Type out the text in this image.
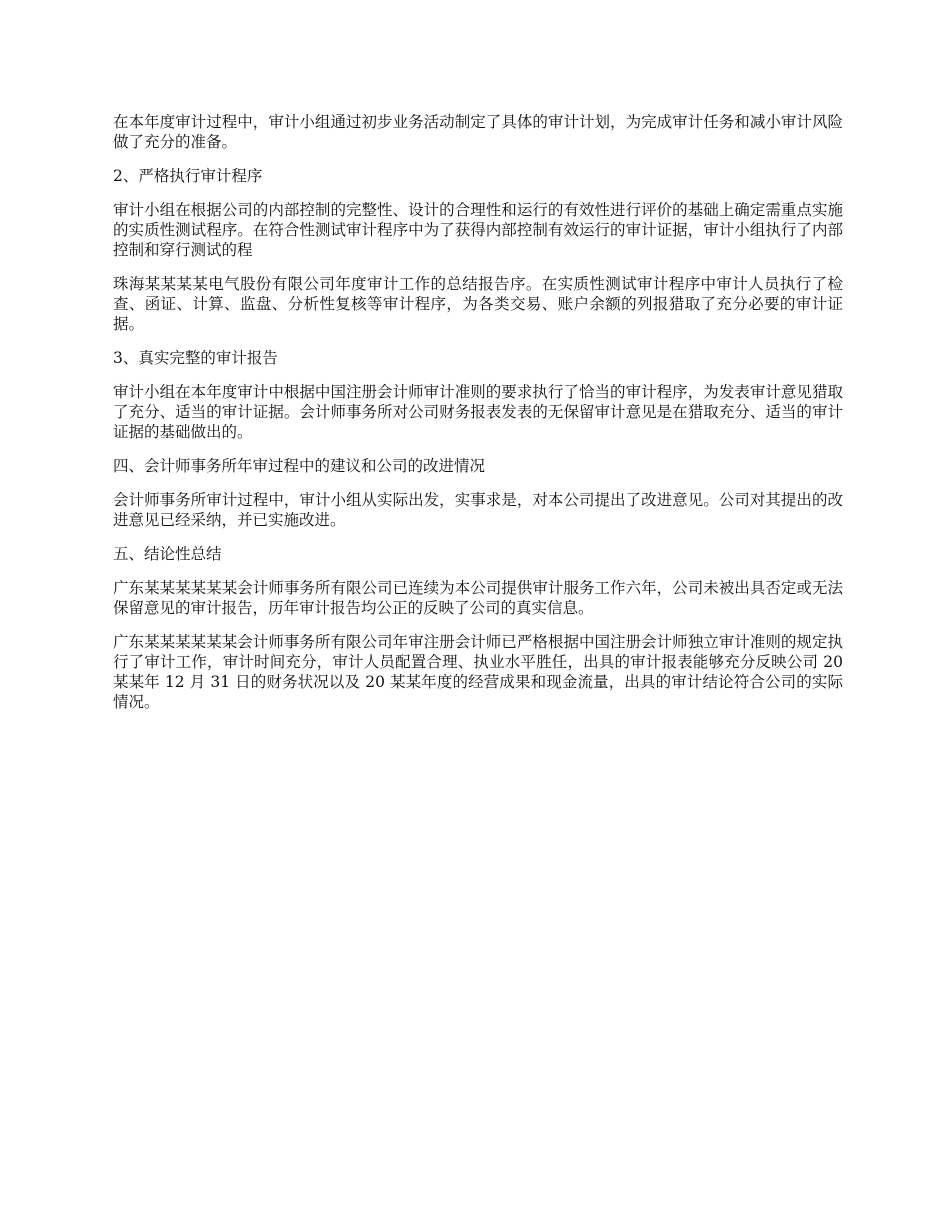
在本年度审计过程中，审计小组通过初步业务活动制定了具体的审计计划，为完成审计任务和减小审计风险做了充分的准备。

2、严格执行审计程序

审计小组在根据公司的内部控制的完整性、设计的合理性和运行的有效性进行评价的基础上确定需重点实施的实质性测试程序。在符合性测试审计程序中为了获得内部控制有效运行的审计证据，审计小组执行了内部控制和穿行测试的程

珠海某某某某电气股份有限公司年度审计工作的总结报告序。在实质性测试审计程序中审计人员执行了检查、函证、计算、监盘、分析性复核等审计程序，为各类交易、账户余额的列报猎取了充分必要的审计证据。

3、真实完整的审计报告

审计小组在本年度审计中根据中国注册会计师审计准则的要求执行了恰当的审计程序，为发表审计意见猎取了充分、适当的审计证据。会计师事务所对公司财务报表发表的无保留审计意见是在猎取充分、适当的审计证据的基础做出的。

四、会计师事务所年审过程中的建议和公司的改进情况

会计师事务所审计过程中，审计小组从实际出发，实事求是，对本公司提出了改进意见。公司对其提出的改进意见已经采纳，并已实施改进。

五、结论性总结

广东某某某某某某会计师事务所有限公司已连续为本公司提供审计服务工作六年，公司未被出具否定或无法保留意见的审计报告，历年审计报告均公正的反映了公司的真实信息。

广东某某某某某某会计师事务所有限公司年审注册会计师已严格根据中国注册会计师独立审计准则的规定执行了审计工作，审计时间充分，审计人员配置合理、执业水平胜任，出具的审计报表能够充分反映公司 20 某某年 12 月 31 日的财务状况以及 20 某某年度的经营成果和现金流量，出具的审计结论符合公司的实际情况。
